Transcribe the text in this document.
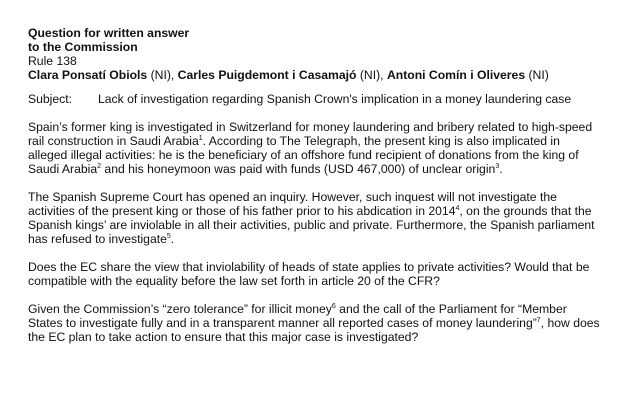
Question for written answer
to the Commission
Rule 138
Clara Ponsatí Obiols (NI), Carles Puigdemont i Casamajó (NI), Antoni Comín i Oliveres (NI)
Subject:	Lack of investigation regarding Spanish Crown's implication in a money laundering case
Spain’s former king is investigated in Switzerland for money laundering and bribery related to high-speed rail construction in Saudi Arabia$^1$. According to The Telegraph, the present king is also implicated in alleged illegal activities: he is the beneficiary of an offshore fund recipient of donations from the king of Saudi Arabia$^2$ and his honeymoon was paid with funds (USD 467,000) of unclear origin$^3$.
The Spanish Supreme Court has opened an inquiry. However, such inquest will not investigate the activities of the present king or those of his father prior to his abdication in 2014$^4$, on the grounds that the Spanish kings’ are inviolable in all their activities, public and private. Furthermore, the Spanish parliament has refused to investigate$^5$.
Does the EC share the view that inviolability of heads of state applies to private activities? Would that be compatible with the equality before the law set forth in article 20 of the CFR?
Given the Commission’s “zero tolerance” for illicit money$^6$ and the call of the Parliament for “Member States to investigate fully and in a transparent manner all reported cases of money laundering”$^7$, how does the EC plan to take action to ensure that this major case is investigated?
